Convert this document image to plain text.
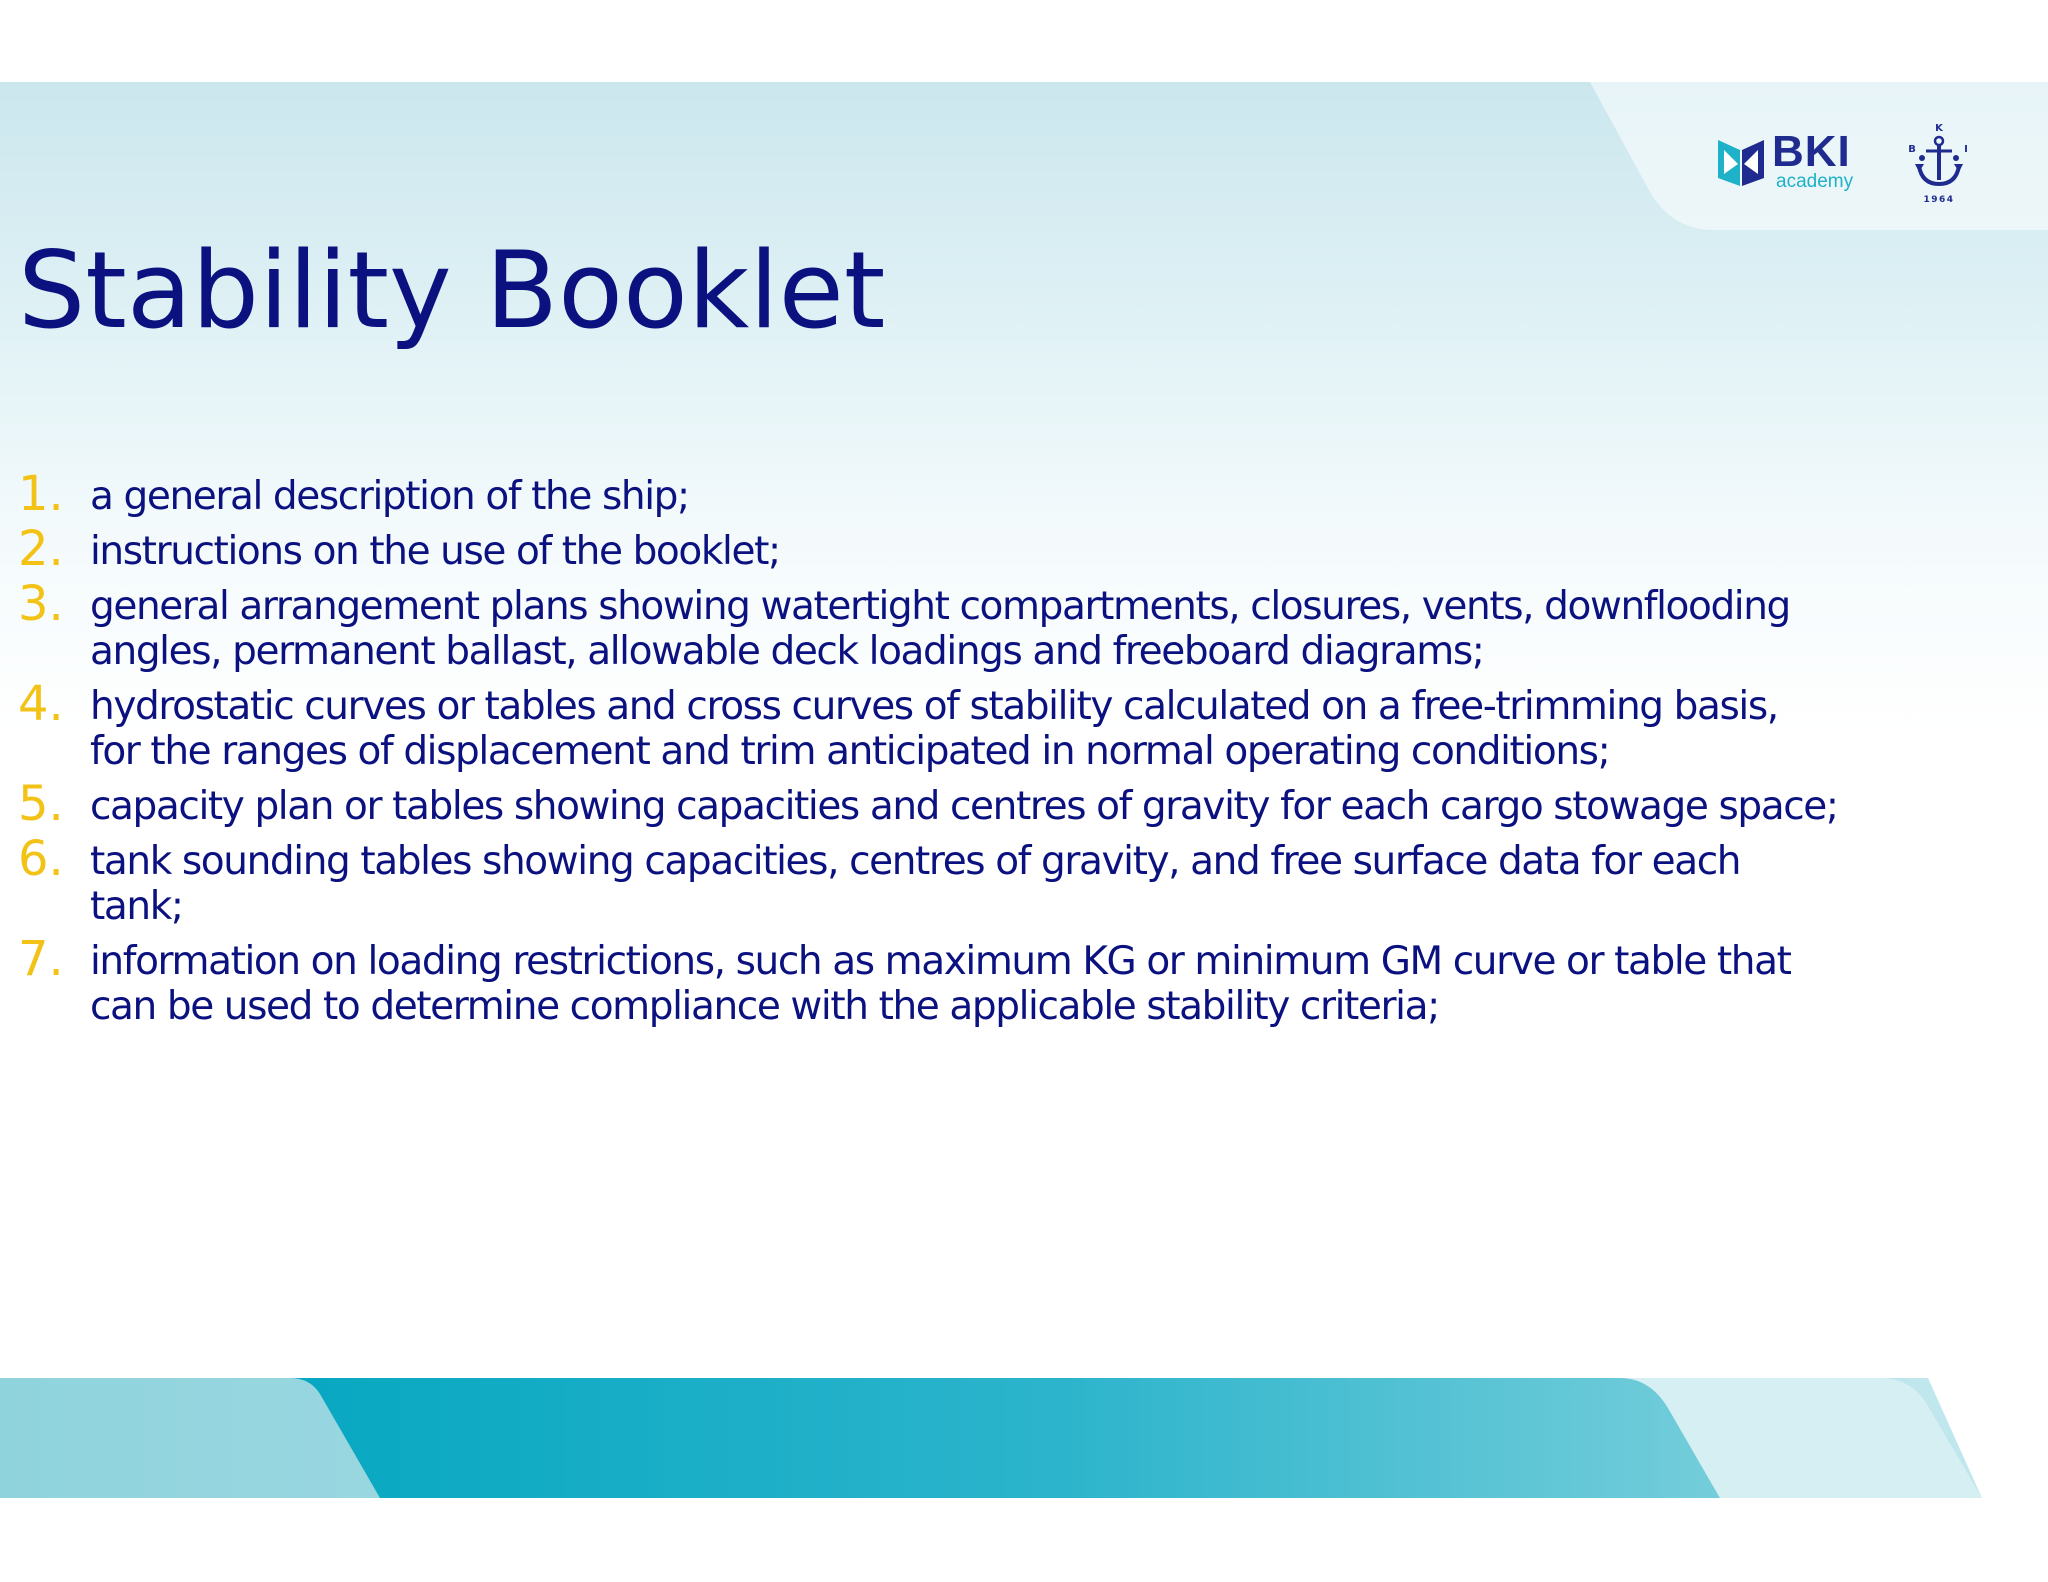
BKI
academy
K
B	I
1964
Stability Booklet
1. a general description of the ship;
2. instructions on the use of the booklet;
3. general arrangement plans showing watertight compartments, closures, vents, downflooding angles, permanent ballast, allowable deck loadings and freeboard diagrams;
4. hydrostatic curves or tables and cross curves of stability calculated on a free-trimming basis, for the ranges of displacement and trim anticipated in normal operating conditions;
5. capacity plan or tables showing capacities and centres of gravity for each cargo stowage space;
6. tank sounding tables showing capacities, centres of gravity, and free surface data for each tank;
7. information on loading restrictions, such as maximum KG or minimum GM curve or table that can be used to determine compliance with the applicable stability criteria;
